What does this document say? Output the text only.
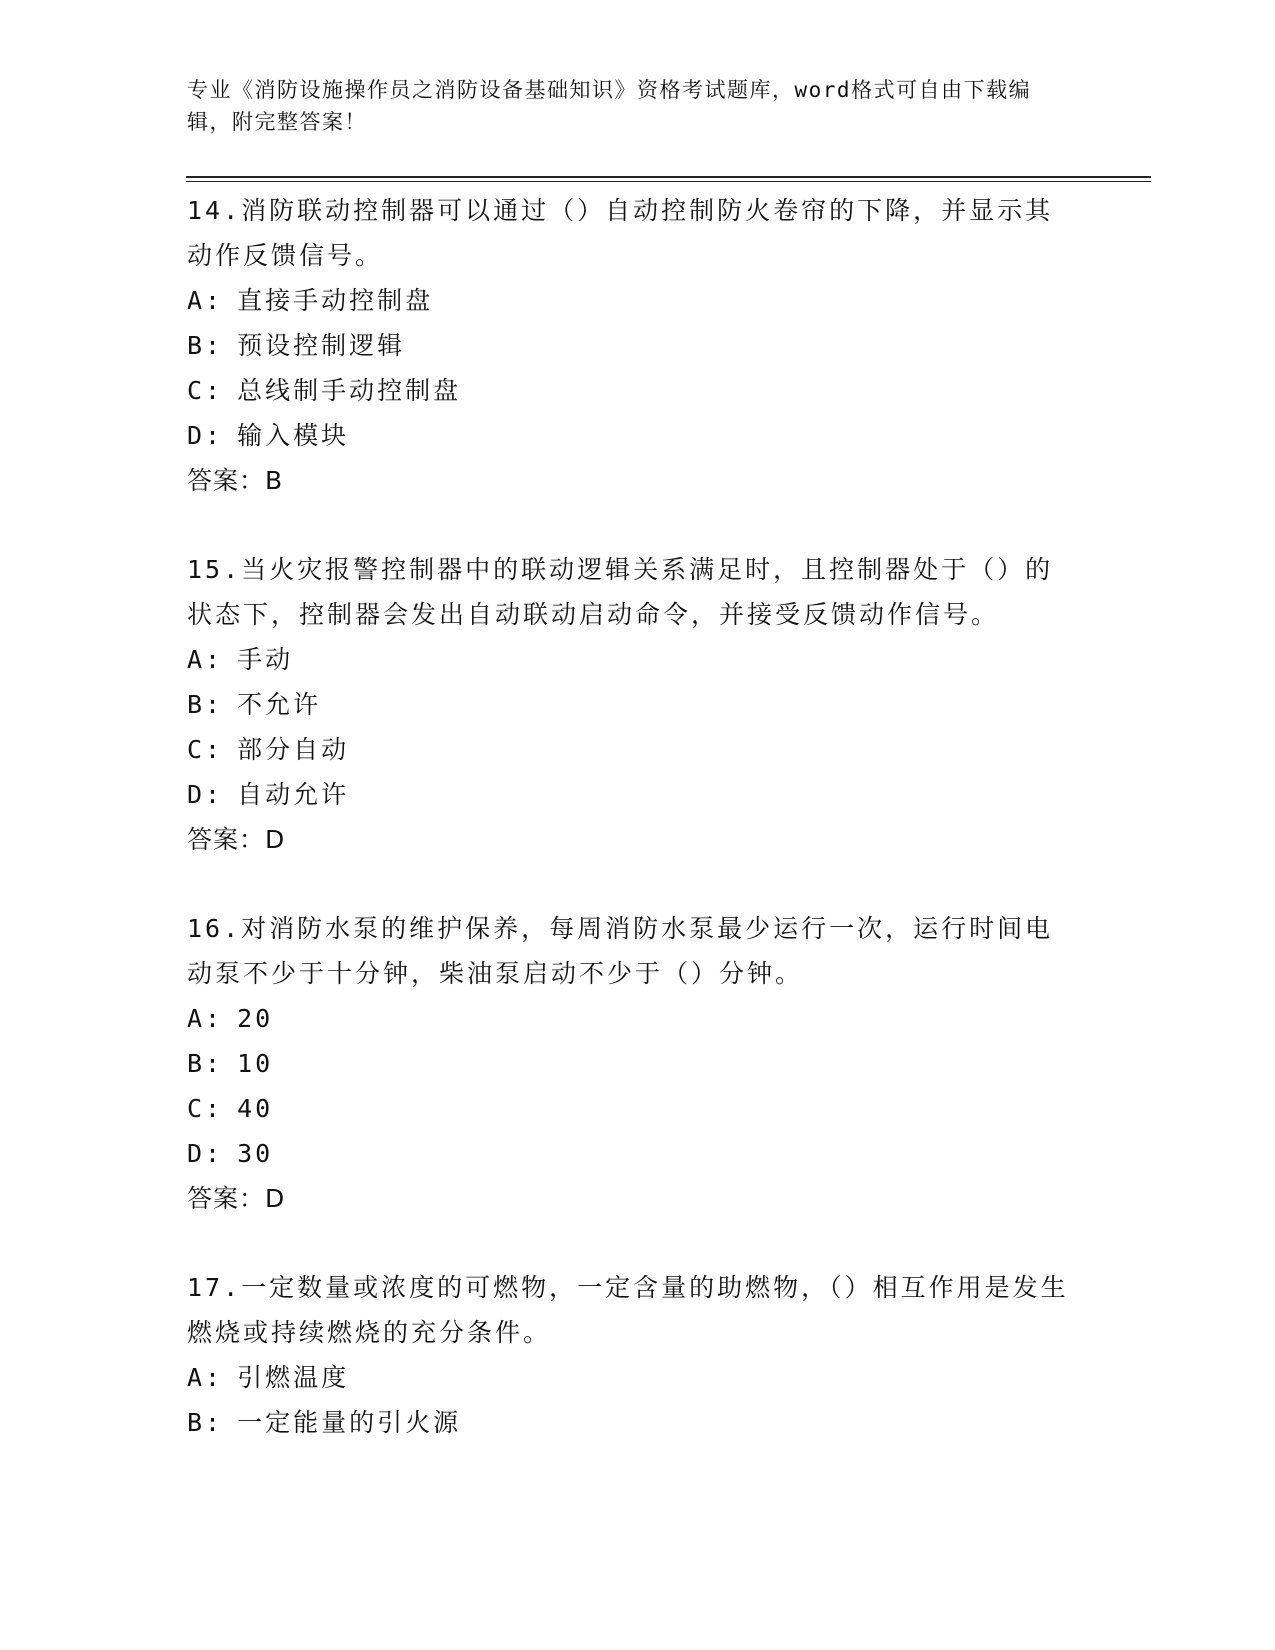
专业《消防设施操作员之消防设备基础知识》资格考试题库，word格式可自由下载编辑，附完整答案！
14.消防联动控制器可以通过（）自动控制防火卷帘的下降，并显示其动作反馈信号。
A: 直接手动控制盘
B: 预设控制逻辑
C: 总线制手动控制盘
D: 输入模块
答案：B
15.当火灾报警控制器中的联动逻辑关系满足时，且控制器处于（）的状态下，控制器会发出自动联动启动命令，并接受反馈动作信号。
A: 手动
B: 不允许
C: 部分自动
D: 自动允许
答案：D
16.对消防水泵的维护保养，每周消防水泵最少运行一次，运行时间电动泵不少于十分钟，柴油泵启动不少于（）分钟。
A: 20
B: 10
C: 40
D: 30
答案：D
17.一定数量或浓度的可燃物，一定含量的助燃物，（）相互作用是发生燃烧或持续燃烧的充分条件。
A: 引燃温度
B: 一定能量的引火源
